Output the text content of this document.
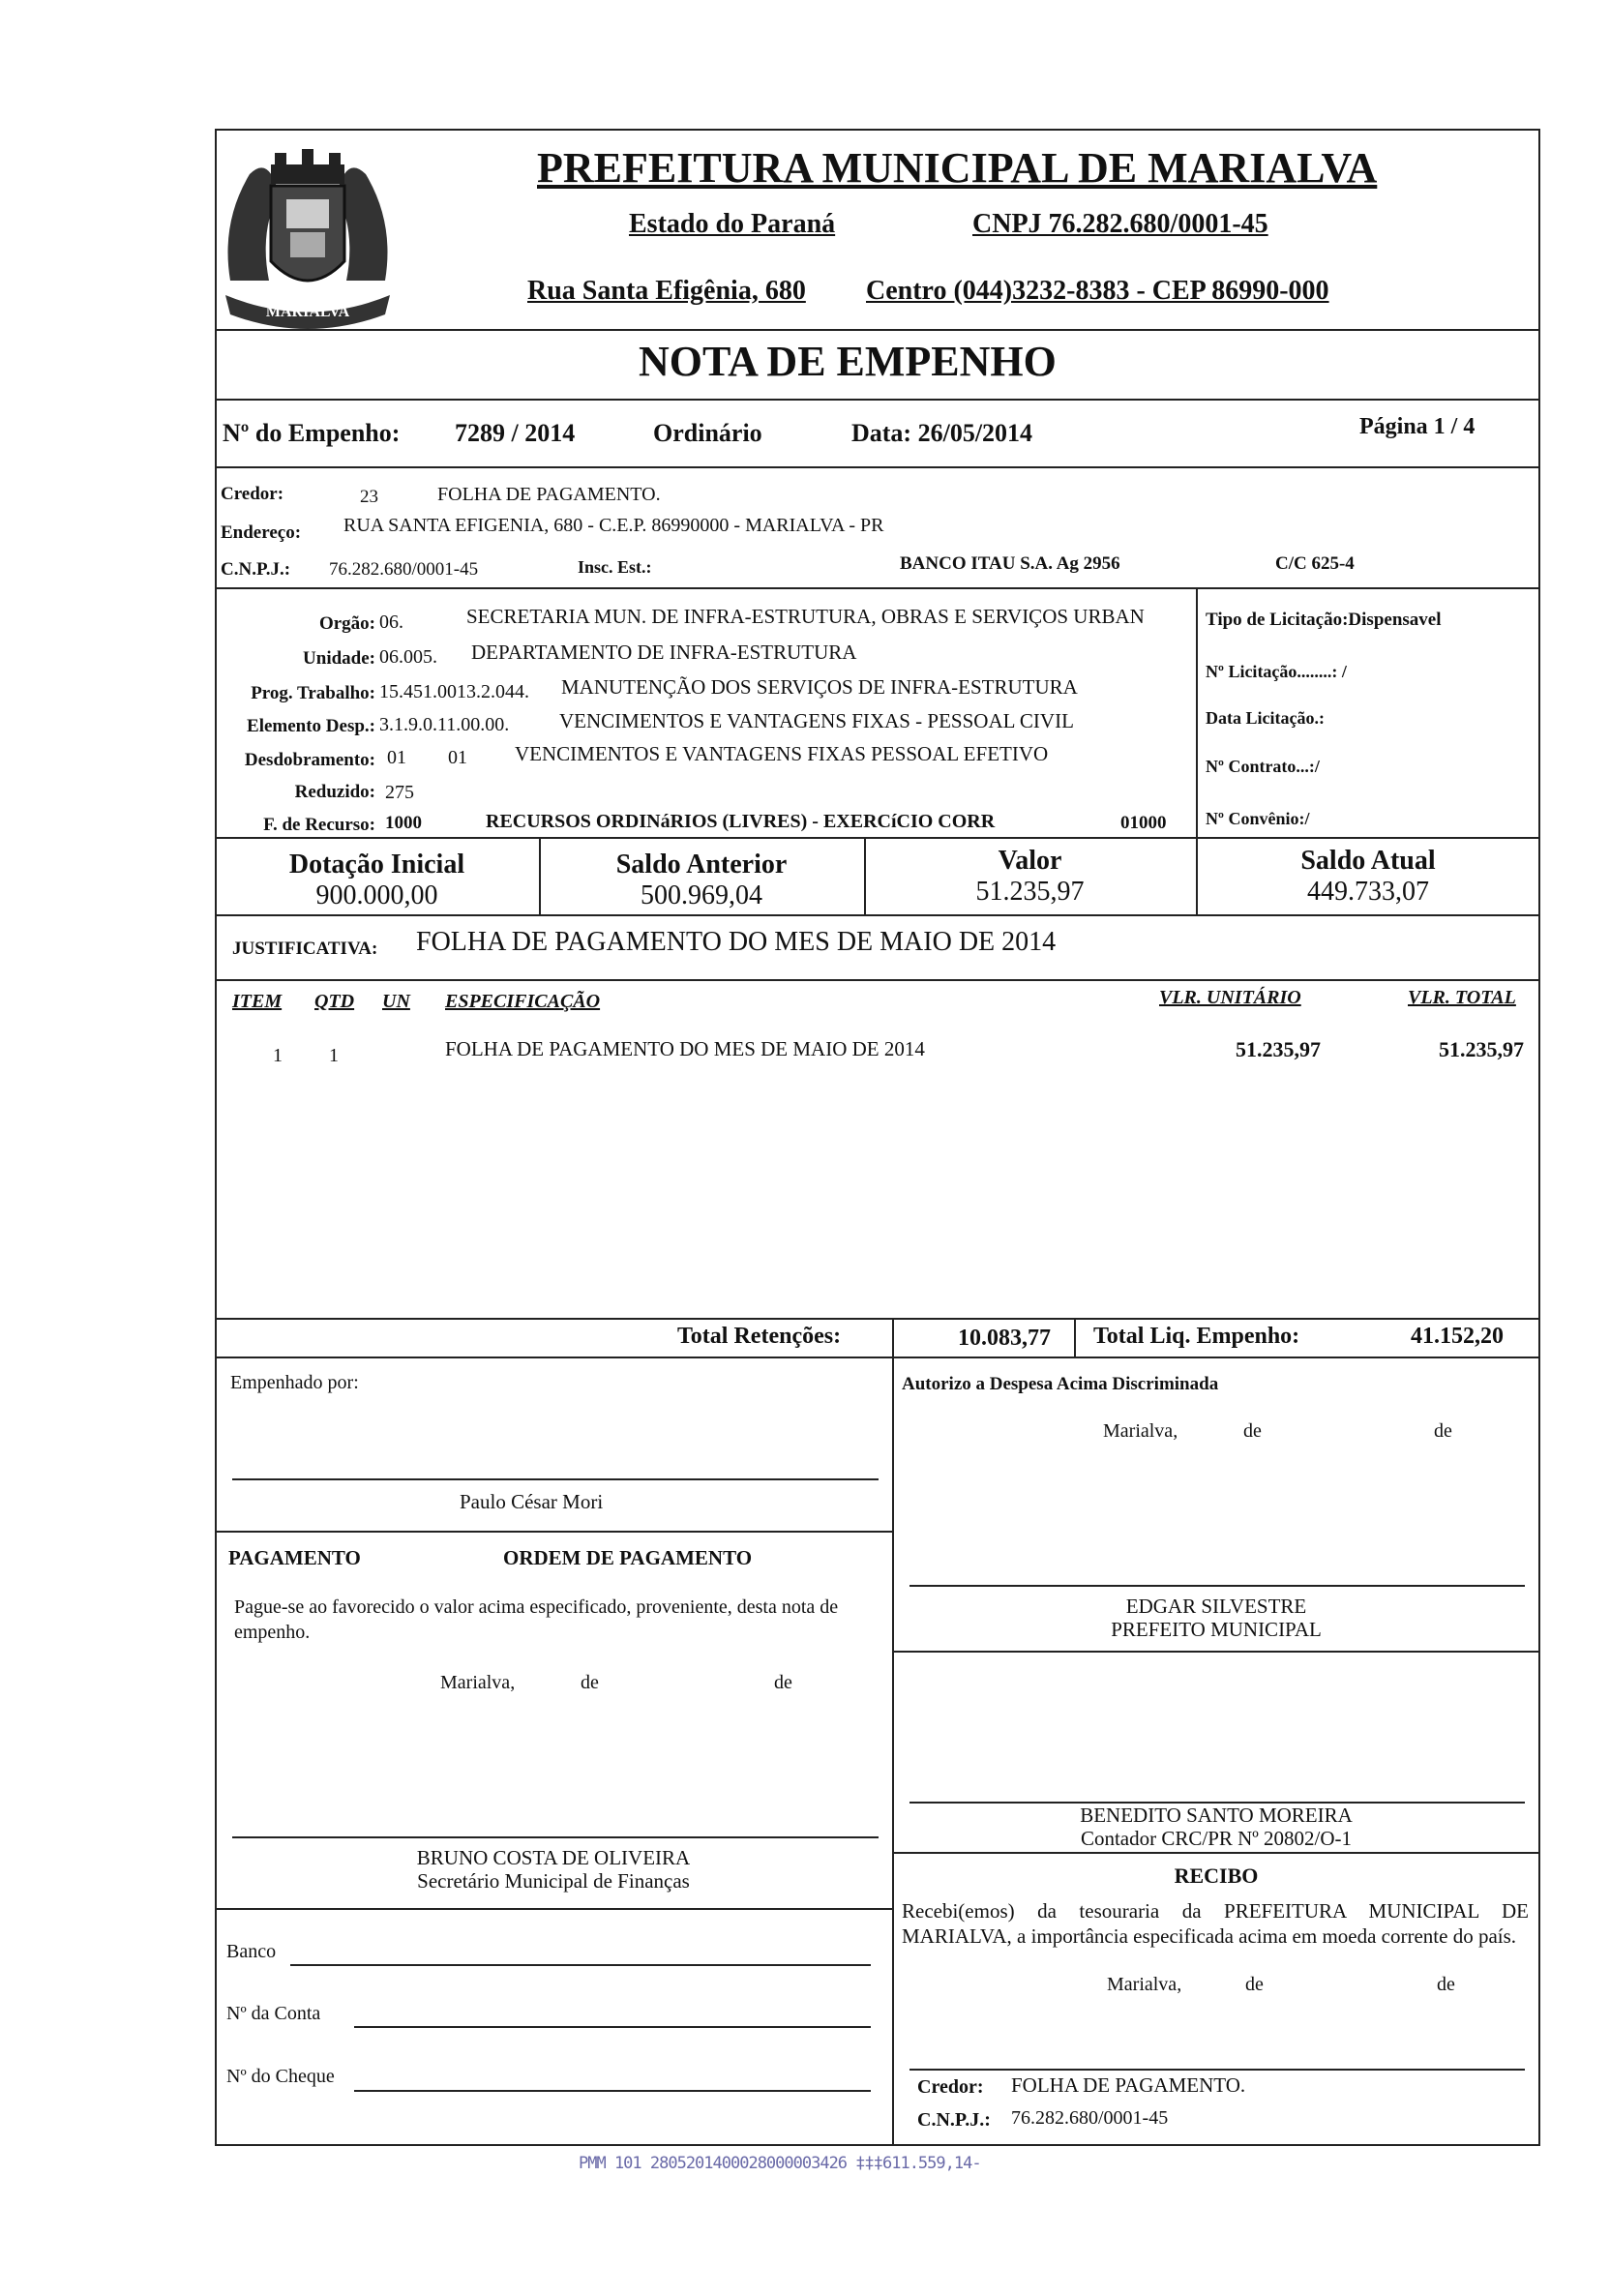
MARIALVA
PREFEITURA MUNICIPAL DE MARIALVA
Estado do Paraná	CNPJ 76.282.680/0001-45
Rua Santa Efigênia, 680 Centro (044)3232-8383 - CEP 86990-000
NOTA DE EMPENHO
Nº do Empenho: 7289 / 2014	Ordinário	Data: 26/05/2014	Página 1 / 4
Credor:	23	FOLHA DE PAGAMENTO.
Endereço: RUA SANTA EFIGENIA, 680 - C.E.P. 86990000 - MARIALVA - PR
C.N.P.J.: 76.282.680/0001-45	Insc. Est.:	BANCO ITAU S.A. Ag 2956	C/C 625-4
Orgão: 06.	SECRETARIA MUN. DE INFRA-ESTRUTURA, OBRAS E SERVIÇOS URBAN
Unidade: 06.005. DEPARTAMENTO DE INFRA-ESTRUTURA
Prog. Trabalho: 15.451.0013.2.044. MANUTENÇÃO DOS SERVIÇOS DE INFRA-ESTRUTURA
Elemento Desp.: 3.1.9.0.11.00.00. VENCIMENTOS E VANTAGENS FIXAS - PESSOAL CIVIL
Desdobramento: 01 01 VENCIMENTOS E VANTAGENS FIXAS PESSOAL EFETIVO
Reduzido: 275
F. de Recurso: 1000	RECURSOS ORDINáRIOS (LIVRES) - EXERCíCIO CORR	01000
Tipo de Licitação:Dispensavel
Nº Licitação........: /
Data Licitação.:
Nº Contrato...:/
Nº Convênio:/
Dotação Inicial
900.000,00
Saldo Anterior
500.969,04
Valor
51.235,97
Saldo Atual
449.733,07
JUSTIFICATIVA: FOLHA DE PAGAMENTO DO MES DE MAIO DE 2014
ITEM QTD UN ESPECIFICAÇÃO	VLR. UNITÁRIO	VLR. TOTAL
1 1	FOLHA DE PAGAMENTO DO MES DE MAIO DE 2014	51.235,97	51.235,97
Total Retenções:	10.083,77 Total Liq. Empenho:	41.152,20
Empenhado por:
Paulo César Mori
PAGAMENTO	ORDEM DE PAGAMENTO
Pague-se ao favorecido o valor acima especificado, proveniente, desta nota de empenho.
Marialva,	de	de
BRUNO COSTA DE OLIVEIRA
Secretário Municipal de Finanças
Banco
Nº da Conta
Nº do Cheque
Autorizo a Despesa Acima Discriminada
Marialva,	de	de
EDGAR SILVESTRE
PREFEITO MUNICIPAL
BENEDITO SANTO MOREIRA
Contador CRC/PR Nº 20802/O-1
RECIBO
Recebi(emos) da tesouraria da PREFEITURA MUNICIPAL DE MARIALVA, a importância especificada acima em moeda corrente do país.
Marialva,	de	de
Credor: FOLHA DE PAGAMENTO.
C.N.P.J.: 76.282.680/0001-45
PMM 101 2805201400028000003426 ‡‡‡611.559,14-
